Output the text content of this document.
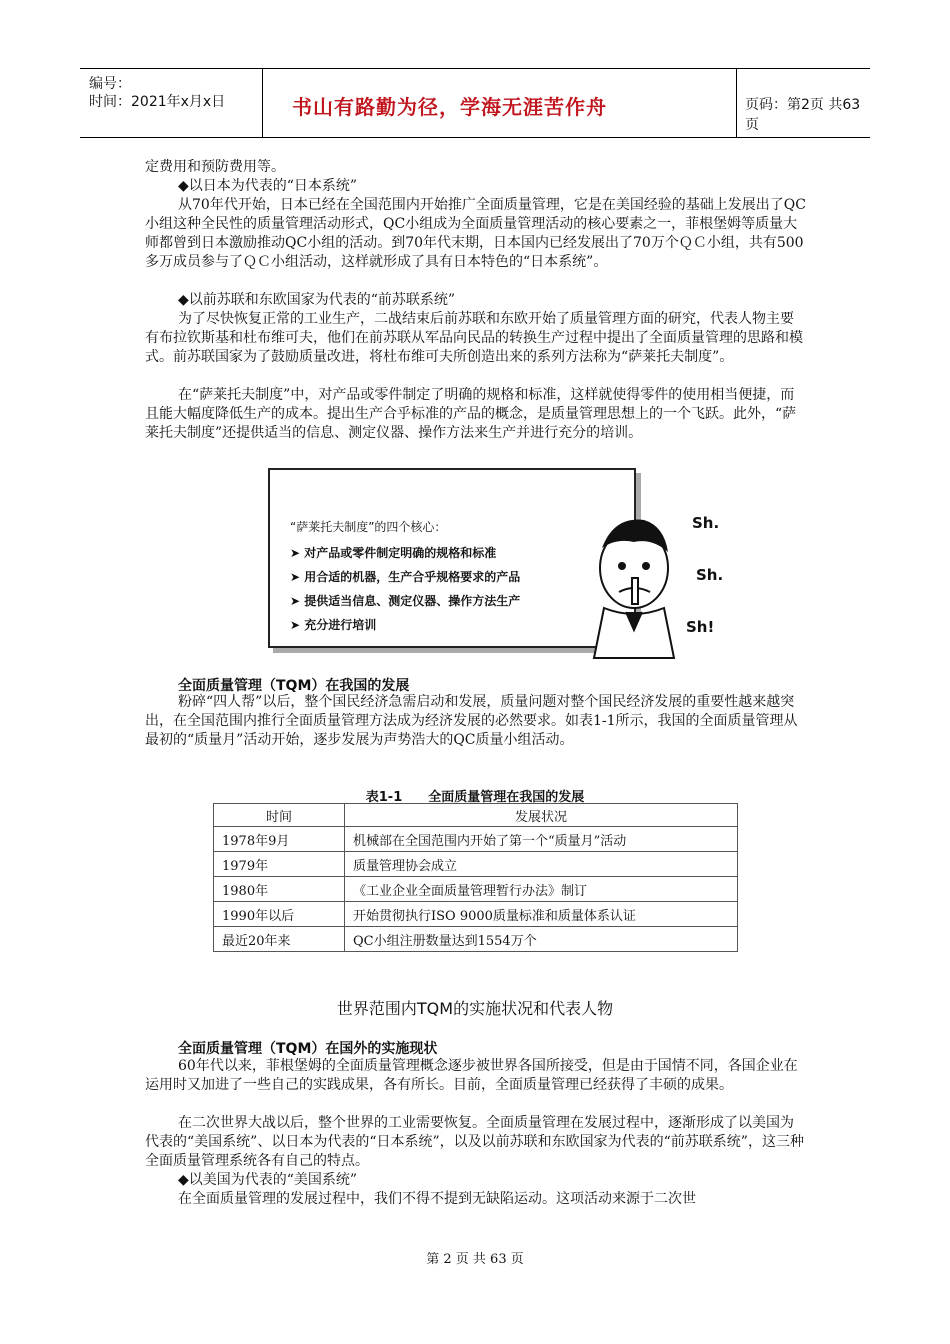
编号：
时间：2021年x月x日	书山有路勤为径，学海无涯苦作舟	页码：第2页 共63页

定费用和预防费用等。

◆以日本为代表的“日本系统”

从70年代开始，日本已经在全国范围内开始推广全面质量管理，它是在美国经验的基础上发展出了QC小组这种全民性的质量管理活动形式，QC小组成为全面质量管理活动的核心要素之一，菲根堡姆等质量大师都曾到日本激励推动QC小组的活动。到70年代末期，日本国内已经发展出了70万个ＱＣ小组，共有500多万成员参与了ＱＣ小组活动，这样就形成了具有日本特色的“日本系统”。

◆以前苏联和东欧国家为代表的“前苏联系统”

为了尽快恢复正常的工业生产，二战结束后前苏联和东欧开始了质量管理方面的研究，代表人物主要有布拉钦斯基和杜布维可夫，他们在前苏联从军品向民品的转换生产过程中提出了全面质量管理的思路和模式。前苏联国家为了鼓励质量改进，将杜布维可夫所创造出来的系列方法称为“萨莱托夫制度”。

在“萨莱托夫制度”中，对产品或零件制定了明确的规格和标准，这样就使得零件的使用相当便捷，而且能大幅度降低生产的成本。提出生产合乎标准的产品的概念，是质量管理思想上的一个飞跃。此外，“萨莱托夫制度”还提供适当的信息、测定仪器、操作方法来生产并进行充分的培训。

“萨莱托夫制度”的四个核心：
➤ 对产品或零件制定明确的规格和标准
➤ 用合适的机器，生产合乎规格要求的产品
➤ 提供适当信息、测定仪器、操作方法生产
➤ 充分进行培训
Sh.
Sh.
Sh!
全面质量管理（TQM）在我国的发展

粉碎“四人帮”以后，整个国民经济急需启动和发展，质量问题对整个国民经济发展的重要性越来越突出，在全国范围内推行全面质量管理方法成为经济发展的必然要求。如表1-1所示，我国的全面质量管理从最初的“质量月”活动开始，逐步发展为声势浩大的QC质量小组活动。

表1-1　　全面质量管理在我国的发展
时间	发展状况
1978年9月	机械部在全国范围内开始了第一个“质量月”活动
1979年	质量管理协会成立
1980年	《工业企业全面质量管理暂行办法》制订
1990年以后	开始贯彻执行ISO 9000质量标准和质量体系认证
最近20年来	QC小组注册数量达到1554万个
世界范围内TQM的实施状况和代表人物
全面质量管理（TQM）在国外的实施现状

60年代以来，菲根堡姆的全面质量管理概念逐步被世界各国所接受，但是由于国情不同，各国企业在运用时又加进了一些自己的实践成果，各有所长。目前，全面质量管理已经获得了丰硕的成果。

在二次世界大战以后，整个世界的工业需要恢复。全面质量管理在发展过程中，逐渐形成了以美国为代表的“美国系统”、以日本为代表的“日本系统”，以及以前苏联和东欧国家为代表的“前苏联系统”，这三种全面质量管理系统各有自己的特点。

◆以美国为代表的“美国系统”

在全面质量管理的发展过程中，我们不得不提到无缺陷运动。这项活动来源于二次世

第 2 页 共 63 页
